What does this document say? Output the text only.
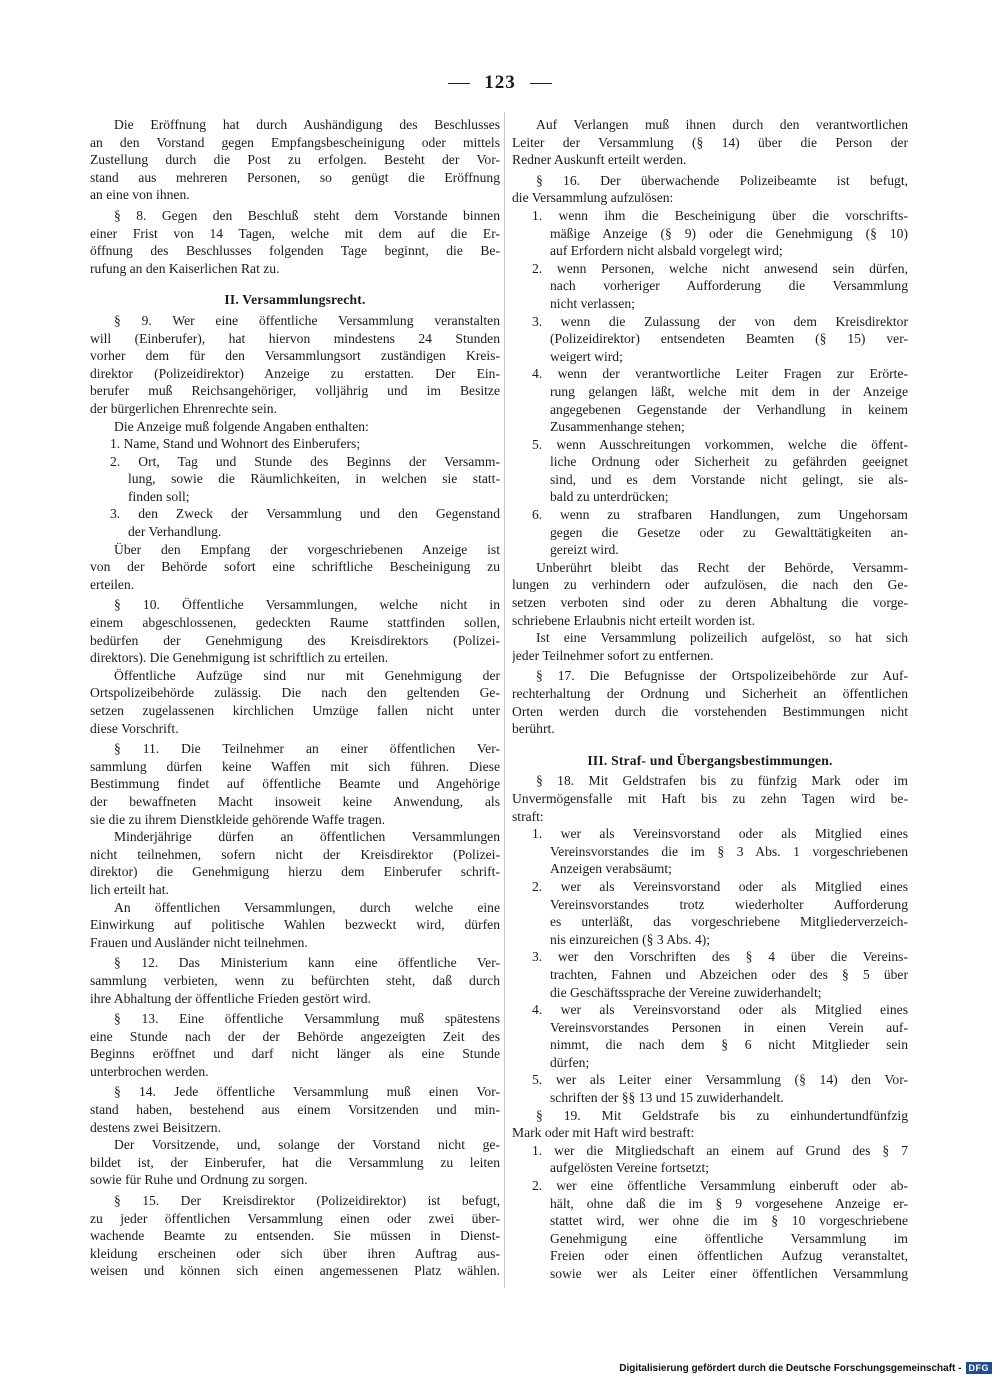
123
Die Eröffnung hat durch Aushändigung des Beschlusses
an den Vorstand gegen Empfangsbescheinigung oder mittels
Zustellung durch die Post zu erfolgen. Besteht der Vor-
stand aus mehreren Personen, so genügt die Eröffnung
an eine von ihnen.
§ 8. Gegen den Beschluß steht dem Vorstande binnen
einer Frist von 14 Tagen, welche mit dem auf die Er-
öffnung des Beschlusses folgenden Tage beginnt, die Be-
rufung an den Kaiserlichen Rat zu.
II. Versammlungsrecht.
§ 9. Wer eine öffentliche Versammlung veranstalten
will (Einberufer), hat hiervon mindestens 24 Stunden
vorher dem für den Versammlungsort zuständigen Kreis-
direktor (Polizeidirektor) Anzeige zu erstatten. Der Ein-
berufer muß Reichsangehöriger, volljährig und im Besitze
der bürgerlichen Ehrenrechte sein.
Die Anzeige muß folgende Angaben enthalten:
1. Name, Stand und Wohnort des Einberufers;
2. Ort, Tag und Stunde des Beginns der Versamm-
lung, sowie die Räumlichkeiten, in welchen sie statt-
finden soll;
3. den Zweck der Versammlung und den Gegenstand
der Verhandlung.
Über den Empfang der vorgeschriebenen Anzeige ist
von der Behörde sofort eine schriftliche Bescheinigung zu
erteilen.
§ 10. Öffentliche Versammlungen, welche nicht in
einem abgeschlossenen, gedeckten Raume stattfinden sollen,
bedürfen der Genehmigung des Kreisdirektors (Polizei-
direktors). Die Genehmigung ist schriftlich zu erteilen.
Öffentliche Aufzüge sind nur mit Genehmigung der
Ortspolizeibehörde zulässig. Die nach den geltenden Ge-
setzen zugelassenen kirchlichen Umzüge fallen nicht unter
diese Vorschrift.
§ 11. Die Teilnehmer an einer öffentlichen Ver-
sammlung dürfen keine Waffen mit sich führen. Diese
Bestimmung findet auf öffentliche Beamte und Angehörige
der bewaffneten Macht insoweit keine Anwendung, als
sie die zu ihrem Dienstkleide gehörende Waffe tragen.
Minderjährige dürfen an öffentlichen Versammlungen
nicht teilnehmen, sofern nicht der Kreisdirektor (Polizei-
direktor) die Genehmigung hierzu dem Einberufer schrift-
lich erteilt hat.
An öffentlichen Versammlungen, durch welche eine
Einwirkung auf politische Wahlen bezweckt wird, dürfen
Frauen und Ausländer nicht teilnehmen.
§ 12. Das Ministerium kann eine öffentliche Ver-
sammlung verbieten, wenn zu befürchten steht, daß durch
ihre Abhaltung der öffentliche Frieden gestört wird.
§ 13. Eine öffentliche Versammlung muß spätestens
eine Stunde nach der der Behörde angezeigten Zeit des
Beginns eröffnet und darf nicht länger als eine Stunde
unterbrochen werden.
§ 14. Jede öffentliche Versammlung muß einen Vor-
stand haben, bestehend aus einem Vorsitzenden und min-
destens zwei Beisitzern.
Der Vorsitzende, und, solange der Vorstand nicht ge-
bildet ist, der Einberufer, hat die Versammlung zu leiten
sowie für Ruhe und Ordnung zu sorgen.
§ 15. Der Kreisdirektor (Polizeidirektor) ist befugt,
zu jeder öffentlichen Versammlung einen oder zwei über-
wachende Beamte zu entsenden. Sie müssen in Dienst-
kleidung erscheinen oder sich über ihren Auftrag aus-
weisen und können sich einen angemessenen Platz wählen.
Auf Verlangen muß ihnen durch den verantwortlichen
Leiter der Versammlung (§ 14) über die Person der
Redner Auskunft erteilt werden.
§ 16. Der überwachende Polizeibeamte ist befugt,
die Versammlung aufzulösen:
1. wenn ihm die Bescheinigung über die vorschrifts-
mäßige Anzeige (§ 9) oder die Genehmigung (§ 10)
auf Erfordern nicht alsbald vorgelegt wird;
2. wenn Personen, welche nicht anwesend sein dürfen,
nach vorheriger Aufforderung die Versammlung
nicht verlassen;
3. wenn die Zulassung der von dem Kreisdirektor
(Polizeidirektor) entsendeten Beamten (§ 15) ver-
weigert wird;
4. wenn der verantwortliche Leiter Fragen zur Erörte-
rung gelangen läßt, welche mit dem in der Anzeige
angegebenen Gegenstande der Verhandlung in keinem
Zusammenhange stehen;
5. wenn Ausschreitungen vorkommen, welche die öffent-
liche Ordnung oder Sicherheit zu gefährden geeignet
sind, und es dem Vorstande nicht gelingt, sie als-
bald zu unterdrücken;
6. wenn zu strafbaren Handlungen, zum Ungehorsam
gegen die Gesetze oder zu Gewalttätigkeiten an-
gereizt wird.
Unberührt bleibt das Recht der Behörde, Versamm-
lungen zu verhindern oder aufzulösen, die nach den Ge-
setzen verboten sind oder zu deren Abhaltung die vorge-
schriebene Erlaubnis nicht erteilt worden ist.
Ist eine Versammlung polizeilich aufgelöst, so hat sich
jeder Teilnehmer sofort zu entfernen.
§ 17. Die Befugnisse der Ortspolizeibehörde zur Auf-
rechterhaltung der Ordnung und Sicherheit an öffentlichen
Orten werden durch die vorstehenden Bestimmungen nicht
berührt.
III. Straf- und Übergangsbestimmungen.
§ 18. Mit Geldstrafen bis zu fünfzig Mark oder im
Unvermögensfalle mit Haft bis zu zehn Tagen wird be-
straft:
1. wer als Vereinsvorstand oder als Mitglied eines
Vereinsvorstandes die im § 3 Abs. 1 vorgeschriebenen
Anzeigen verabsäumt;
2. wer als Vereinsvorstand oder als Mitglied eines
Vereinsvorstandes trotz wiederholter Aufforderung
es unterläßt, das vorgeschriebene Mitgliederverzeich-
nis einzureichen (§ 3 Abs. 4);
3. wer den Vorschriften des § 4 über die Vereins-
trachten, Fahnen und Abzeichen oder des § 5 über
die Geschäftssprache der Vereine zuwiderhandelt;
4. wer als Vereinsvorstand oder als Mitglied eines
Vereinsvorstandes Personen in einen Verein auf-
nimmt, die nach dem § 6 nicht Mitglieder sein
dürfen;
5. wer als Leiter einer Versammlung (§ 14) den Vor-
schriften der §§ 13 und 15 zuwiderhandelt.
§ 19. Mit Geldstrafe bis zu einhundertundfünfzig
Mark oder mit Haft wird bestraft:
1. wer die Mitgliedschaft an einem auf Grund des § 7
aufgelösten Vereine fortsetzt;
2. wer eine öffentliche Versammlung einberuft oder ab-
hält, ohne daß die im § 9 vorgesehene Anzeige er-
stattet wird, wer ohne die im § 10 vorgeschriebene
Genehmigung eine öffentliche Versammlung im
Freien oder einen öffentlichen Aufzug veranstaltet,
sowie wer als Leiter einer öffentlichen Versammlung
Digitalisierung gefördert durch die Deutsche Forschungsgemeinschaft - DFG
